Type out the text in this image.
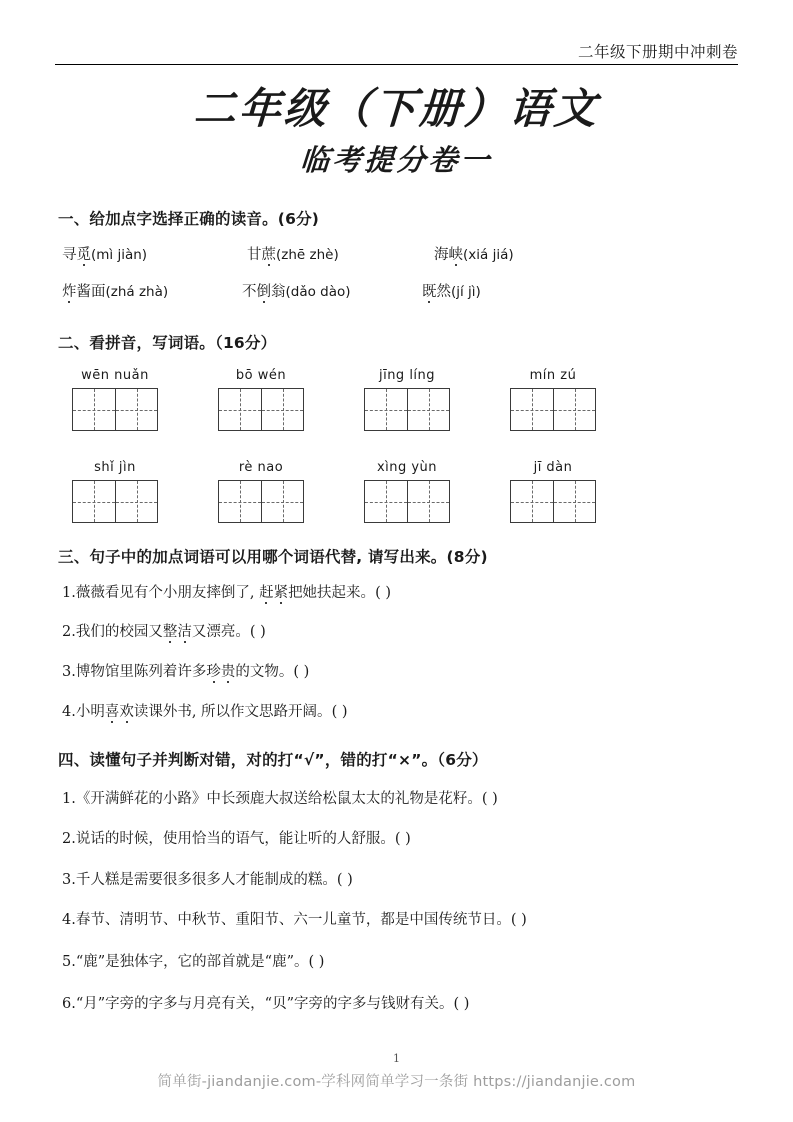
二年级下册期中冲刺卷
二年级（下册）语文
临考提分卷一
一、给加点字选择正确的读音。(6分)
寻觅(mì jiàn)	甘蔗(zhē zhè)	海峡(xiá jiá)
炸酱面(zhá zhà)	不倒翁(dǎo dào)	既然(jí jì)
二、看拼音，写词语。（16分）
wēn nuǎn	bō wén	jīng líng	mín zú
shǐ jìn	rè nao	xìng yùn	jī dàn
三、句子中的加点词语可以用哪个词语代替, 请写出来。(8分)
1.薇薇看见有个小朋友摔倒了, 赶紧把她扶起来。( )
2.我们的校园又整洁又漂亮。( )
3.博物馆里陈列着许多珍贵的文物。( )
4.小明喜欢读课外书, 所以作文思路开阔。( )
四、读懂句子并判断对错，对的打“√”，错的打“×”。（6分）
1.《开满鲜花的小路》中长颈鹿大叔送给松鼠太太的礼物是花籽。( )
2.说话的时候，使用恰当的语气，能让听的人舒服。( )
3.千人糕是需要很多很多人才能制成的糕。( )
4.春节、清明节、中秋节、重阳节、六一儿童节，都是中国传统节日。( )
5.“鹿”是独体字，它的部首就是“鹿”。( )
6.“月”字旁的字多与月亮有关，“贝”字旁的字多与钱财有关。( )
1
简单街-jiandanjie.com-学科网简单学习一条街 https://jiandanjie.com
